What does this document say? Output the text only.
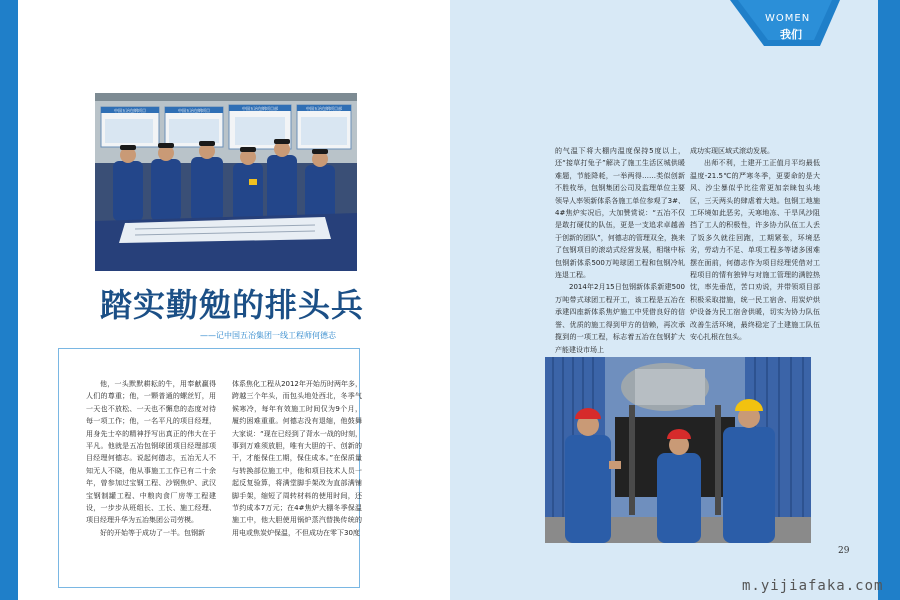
中国五冶包钢项目	中国五冶包钢项目	中国五冶包钢项目部	中国五冶包钢项目部
踏实勤勉的排头兵
——记中国五冶集团一线工程师何德志

他，一头默默耕耘的牛，用奉献赢得人们的尊重；他，一颗普通的螺丝钉，用一天也不放松、一天也不懈怠的态度对待每一项工作；他，一名平凡的项目经理，用身先士卒的精神抒写出真正的伟大在于平凡。他就是五冶包钢球团项目经理部项目经理何德志。说起何德志，五冶无人不知无人不晓，他从事施工工作已有二十余年，曾参加过宝钢工程、沙钢焦炉、武汉宝钢制罐工程、中粮肉食厂房等工程建设，一步步从班组长、工长、施工经理、项目经理升华为五冶集团公司劳模。

好的开始等于成功了一半。包钢新

体系焦化工程从2012年开始历时两年多，跨越三个年头，而包头地处西北，冬季气候寒冷，每年有效施工时间仅为9个月，履约困难重重。何德志没有退缩，他鼓舞大家说：“现在已经到了背水一战的时刻，事到万难须放胆，唯有大胆的干、创新的干，才能保住工期，保住成本。”在保质量与转换部位施工中，他和项目技术人员一起反复验算，将满堂脚手架改为直部满铺脚手架，缩短了周转材料的使用时间，还节约成本7万元；在4#焦炉大棚冬季保温施工中，他大胆使用锅炉蒸汽替换传统的用电或焦炭炉保温，不但成功在零下30度

的气温下将大棚内温度保持5度以上，还“接草打兔子”解决了施工生活区城供暖难题，节能降耗，一举两得……类似创新不胜枚举，包钢集团公司及监理单位主要领导人率领新体系各施工单位参观了3#、4#焦炉实况后，大加赞赏说：“五冶不仅是敢打硬仗的队伍，更是一支追求卓越善于创新的团队”，何德志的管理双全，换来了包钢项目的滚动式经营发展，相继中标包钢新体系500万吨球团工程和包钢冷轧连退工程。

2014年2月15日包钢新体系新建500万吨带式球团工程开工，该工程是五冶在承建四座新体系焦炉施工中凭借良好的信誉、优质的施工得到甲方的信赖，再次承揽到的一项工程，标志着五冶在包钢扩大产能建设市场上

成功实现区域式滚动发展。

出师不利，土建开工正值月平均最低温度-21.5℃的严寒冬季，更要命的是大风、沙尘暴似乎比往常更加亲睐包头地区，三天两头的肆虐着大地。包钢工地施工环境如此恶劣，天寒地冻、干旱风沙阻挡了工人的积极性，许多协力队伍工人丢了饭多久就往回跑，工期紧张，环境恶劣，劳动力不足、单项工程多等诸多困难摆在面前，何德志作为项目经理凭借对工程项目的情有独钟与对施工管理的满腔热忱，率先垂范，苦口劝说，并带领项目部积极采取措施，统一民工宿舍、用炭炉烘炉设备为民工宿舍供暖，切实为协力队伍改善生活环境，最终稳定了土建施工队伍安心扎根在包头。

WOMEN
我们
29
m.yijiafaka.com
